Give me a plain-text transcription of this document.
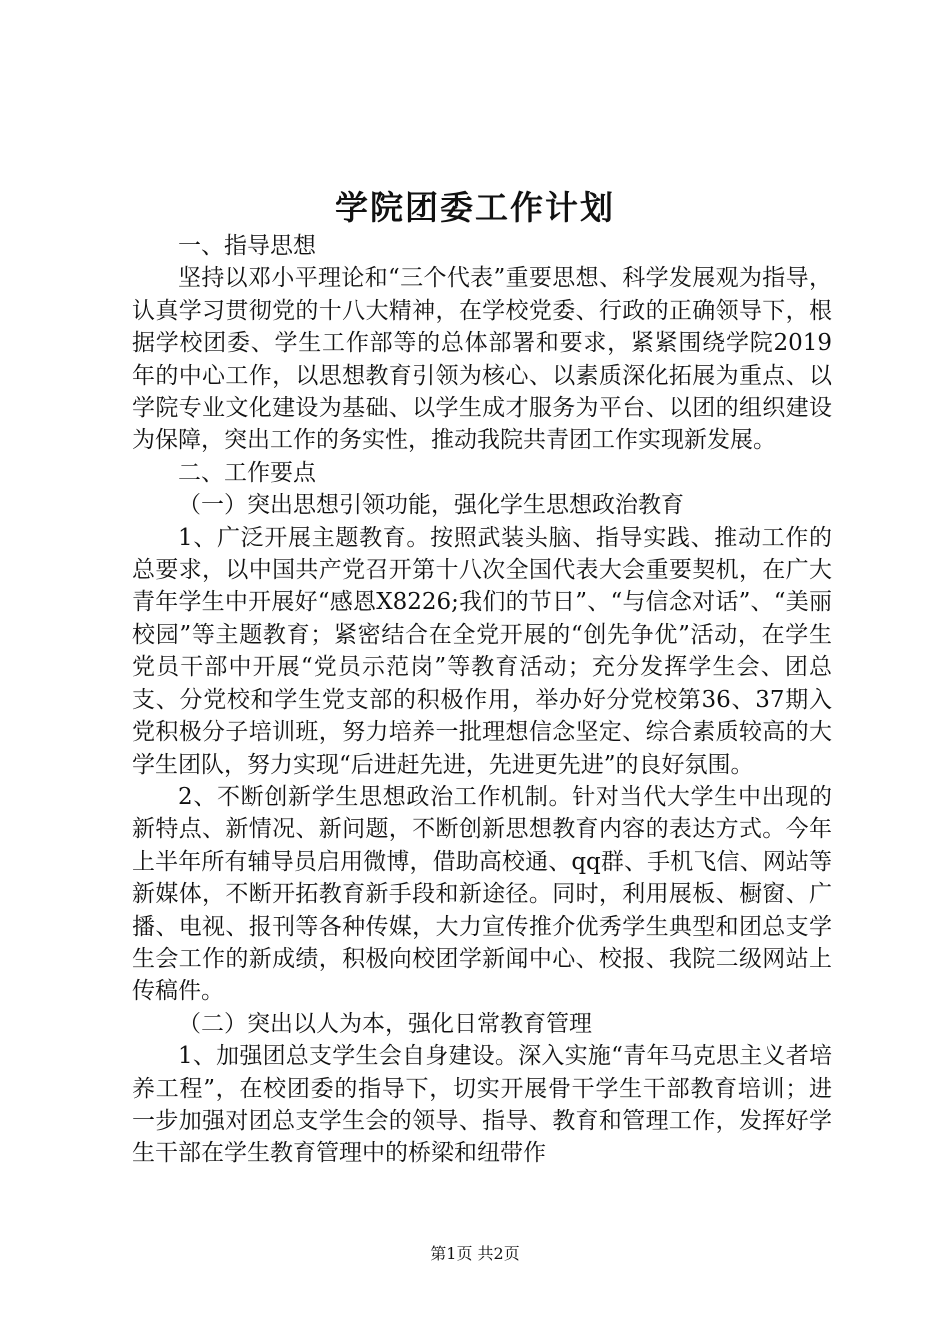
学院团委工作计划

一、指导思想

坚持以邓小平理论和“三个代表”重要思想、科学发展观为指导，认真学习贯彻党的十八大精神，在学校党委、行政的正确领导下，根据学校团委、学生工作部等的总体部署和要求，紧紧围绕学院2019年的中心工作，以思想教育引领为核心、以素质深化拓展为重点、以学院专业文化建设为基础、以学生成才服务为平台、以团的组织建设为保障，突出工作的务实性，推动我院共青团工作实现新发展。

二、工作要点

（一）突出思想引领功能，强化学生思想政治教育

1、广泛开展主题教育。按照武装头脑、指导实践、推动工作的总要求，以中国共产党召开第十八次全国代表大会重要契机，在广大青年学生中开展好“感恩X8226;我们的节日”、“与信念对话”、“美丽校园”等主题教育；紧密结合在全党开展的“创先争优”活动，在学生党员干部中开展“党员示范岗”等教育活动；充分发挥学生会、团总支、分党校和学生党支部的积极作用，举办好分党校第36、37期入党积极分子培训班，努力培养一批理想信念坚定、综合素质较高的大学生团队，努力实现“后进赶先进，先进更先进”的良好氛围。

2、不断创新学生思想政治工作机制。针对当代大学生中出现的新特点、新情况、新问题，不断创新思想教育内容的表达方式。今年上半年所有辅导员启用微博，借助高校通、qq群、手机飞信、网站等新媒体，不断开拓教育新手段和新途径。同时，利用展板、橱窗、广播、电视、报刊等各种传媒，大力宣传推介优秀学生典型和团总支学生会工作的新成绩，积极向校团学新闻中心、校报、我院二级网站上传稿件。

（二）突出以人为本，强化日常教育管理

1、加强团总支学生会自身建设。深入实施“青年马克思主义者培养工程”，在校团委的指导下，切实开展骨干学生干部教育培训；进一步加强对团总支学生会的领导、指导、教育和管理工作，发挥好学生干部在学生教育管理中的桥梁和纽带作

第1页 共2页
